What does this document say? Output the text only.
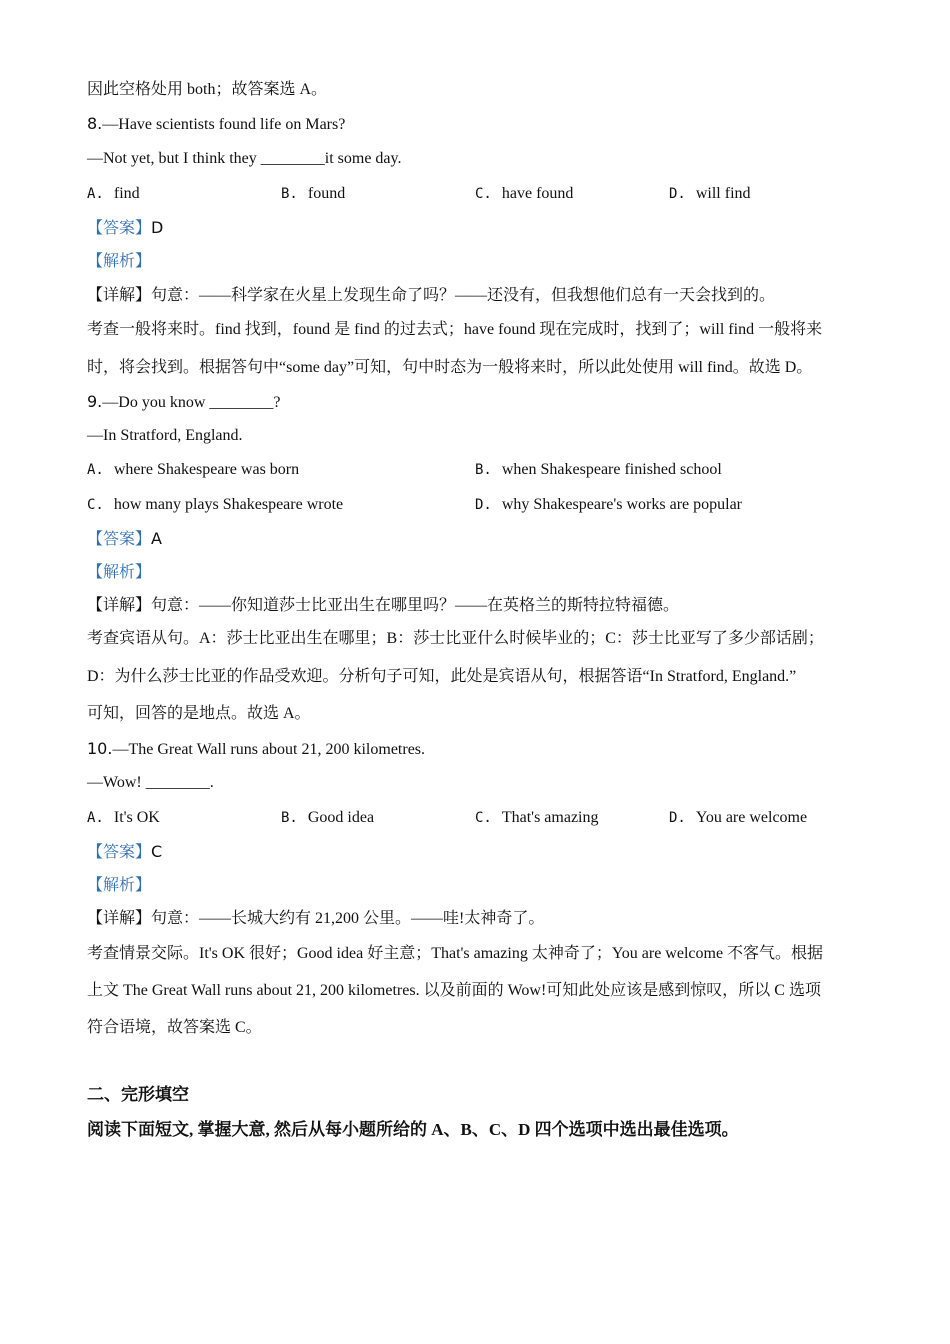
因此空格处用 both；故答案选 A。
8.—Have scientists found life on Mars?
—Not yet, but I think they ________it some day.
A. find	B. found	C. have found	D. will find
【答案】D
【解析】
【详解】句意：——科学家在火星上发现生命了吗？——还没有，但我想他们总有一天会找到的。
考查一般将来时。find 找到，found 是 find 的过去式；have found 现在完成时，找到了；will find 一般将来
时，将会找到。根据答句中“some day”可知，句中时态为一般将来时，所以此处使用 will find。故选 D。
9.—Do you know ________?
—In Stratford, England.
A. where Shakespeare was born	B. when Shakespeare finished school
C. how many plays Shakespeare wrote	D. why Shakespeare's works are popular
【答案】A
【解析】
【详解】句意：——你知道莎士比亚出生在哪里吗？——在英格兰的斯特拉特福德。
考查宾语从句。A：莎士比亚出生在哪里；B：莎士比亚什么时候毕业的；C：莎士比亚写了多少部话剧；
D：为什么莎士比亚的作品受欢迎。分析句子可知，此处是宾语从句，根据答语“In Stratford, England.”
可知，回答的是地点。故选 A。
10.—The Great Wall runs about 21, 200 kilometres.
—Wow! ________.
A. It's OK	B. Good idea	C. That's amazing	D. You are welcome
【答案】C
【解析】
【详解】句意：——长城大约有 21,200 公里。——哇!太神奇了。
考查情景交际。It's OK 很好；Good idea 好主意；That's amazing 太神奇了；You are welcome 不客气。根据
上文 The Great Wall runs about 21, 200 kilometres. 以及前面的 Wow!可知此处应该是感到惊叹，所以 C 选项
符合语境，故答案选 C。
二、完形填空
阅读下面短文, 掌握大意, 然后从每小题所给的 A、B、C、D 四个选项中选出最佳选项。
